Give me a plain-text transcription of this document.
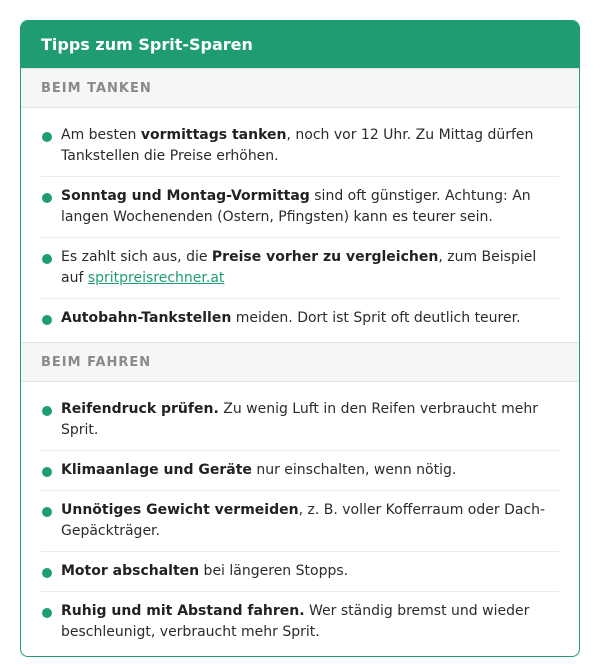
Tipps zum Sprit-Sparen
BEIM TANKEN
Am besten vormittags tanken, noch vor 12 Uhr. Zu Mittag dürfen Tankstellen die Preise erhöhen.
Sonntag und Montag-Vormittag sind oft günstiger. Achtung: An langen Wochenenden (Ostern, Pfingsten) kann es teurer sein.
Es zahlt sich aus, die Preise vorher zu vergleichen, zum Beispiel auf spritpreisrechner.at
Autobahn-Tankstellen meiden. Dort ist Sprit oft deutlich teurer.
BEIM FAHREN
Reifendruck prüfen. Zu wenig Luft in den Reifen verbraucht mehr Sprit.
Klimaanlage und Geräte nur einschalten, wenn nötig.
Unnötiges Gewicht vermeiden, z. B. voller Kofferraum oder Dach-Gepäckträger.
Motor abschalten bei längeren Stopps.
Ruhig und mit Abstand fahren. Wer ständig bremst und wieder beschleunigt, verbraucht mehr Sprit.
